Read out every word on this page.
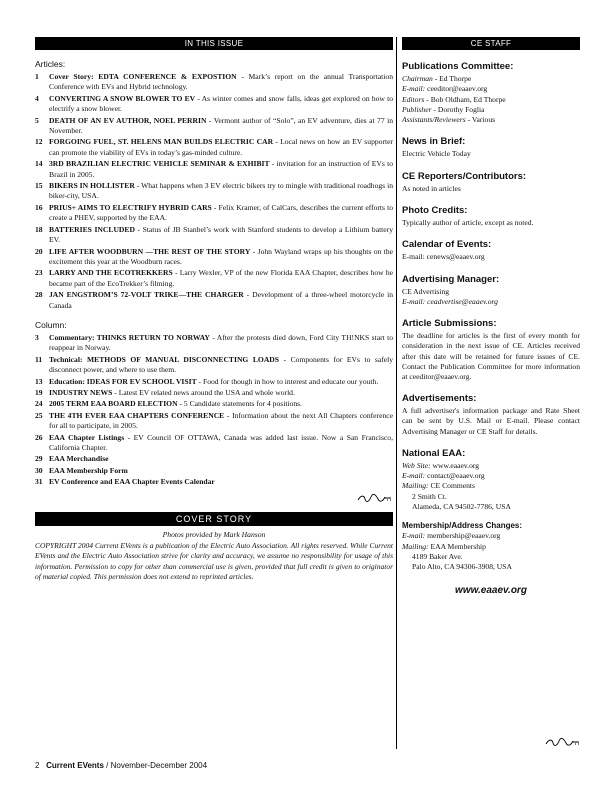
IN THIS ISSUE
Articles:
1	Cover Story: EDTA CONFERENCE & EXPOSTION - Mark’s report on the annual Transportation Conference with EVs and Hybrid technology.
4	CONVERTING A SNOW BLOWER TO EV - As winter comes and snow falls, ideas get explored on how to electrify a snow blower.
5	DEATH OF AN EV AUTHOR, NOEL PERRIN - Vermont author of “Solo”, an EV adventure, dies at 77 in November.
12 FORGOING FUEL, ST. HELENS MAN BUILDS ELECTRIC CAR - Local news on how an EV supporter can promote the viability of EVs in today’s gas-minded culture.
14 3RD BRAZILIAN ELECTRIC VEHICLE SEMINAR & EXHIBIT - invitation for an instruction of EVs to Brazil in 2005.
15 BIKERS IN HOLLISTER - What happens when 3 EV electric bikers try to mingle with traditional roadhogs in biker-city, USA.
16 PRIUS+ AIMS TO ELECTRIFY HYBRID CARS - Felix Kramer, of CalCars, describes the current efforts to create a PHEV, supported by the EAA.
18 BATTERIES INCLUDED - Status of JB Stanbel’s work with Stanford students to develop a Lithium battery EV.
20 LIFE AFTER WOODBURN —THE REST OF THE STORY - John Wayland wraps up his thoughts on the excitement this year at the Woodburn races.
23 LARRY AND THE ECOTREKKERS - Larry Wexler, VP of the new Florida EAA Chapter, describes how he became part of the EcoTrekker’s filming.
28 JAN ENGSTROM’S 72-VOLT TRIKE—THE CHARGER - Development of a three-wheel motorcycle in Canada
Column:
3	Commentary: THINKS RETURN TO NORWAY - After the protests died down, Ford City TH!NKS start to reappear in Norway.
11 Technical: METHODS OF MANUAL DISCONNECTING LOADS - Components for EVs to safely disconnect power, and where to use them.
13 Education: IDEAS FOR EV SCHOOL VISIT - Food for though in how to interest and educate our youth.
19 INDUSTRY NEWS - Latest EV related news around the USA and whole world.
24 2005 TERM EAA BOARD ELECTION - 5 Candidate statements for 4 positions.
25 THE 4TH EVER EAA CHAPTERS CONFERENCE - Information about the next All Chapters conference for all to participate, in 2005.
26 EAA Chapter Listings - EV Council OF OTTAWA, Canada was added last issue. Now a San Francisco, California Chapter.
29 EAA Merchandise
30 EAA Membership Form
31 EV Conference and EAA Chapter Events Calendar
COVER STORY
Photos provided by Mark Hanson
COPYRIGHT 2004 Current EVents is a publication of the Electric Auto Association. All rights reserved. While Current EVents and the Electric Auto Association strive for clarity and accuracy, we assume no responsibility for usage of this information. Permission to copy for other than commercial use is given, provided that full credit is given to originator of material copied. This permission does not extend to reprinted articles.
CE STAFF
Publications Committee:
Chairman - Ed Thorpe
E-mail: ceeditor@eaaev.org
Editors - Bob Oldham, Ed Thorpe
Publisher - Dorothy Foglia
Assistants/Reviewers - Various
News in Brief:
Electric Vehicle Today
CE Reporters/Contributors:
As noted in articles
Photo Credits:
Typically author of article, except as noted.
Calendar of Events:
E-mail: cenews@eaaev.org
Advertising Manager:
CE Advertising
E-mail: ceadvertise@eaaev.org
Article Submissions:
The deadline for articles is the first of every month for consideration in the next issue of CE. Articles received after this date will be retained for future issues of CE. Contact the Publication Committee for more information at ceeditor@eaaev.org.
Advertisements:
A full advertiser's information package and Rate Sheet can be sent by U.S. Mail or E-mail. Please contact Advertising Manager or CE Staff for details.
National EAA:
Web Site: www.eaaev.org
E-mail: contact@eaaev.org
Mailing: CE Comments
2 Smith Ct.
Alameda, CA 94502-7786, USA
Membership/Address Changes:
E-mail: membership@eaaev.org
Mailing: EAA Membership
4189 Baker Ave.
Palo Alto, CA 94306-3908, USA
www.eaaev.org
2 Current EVents / November-December 2004
